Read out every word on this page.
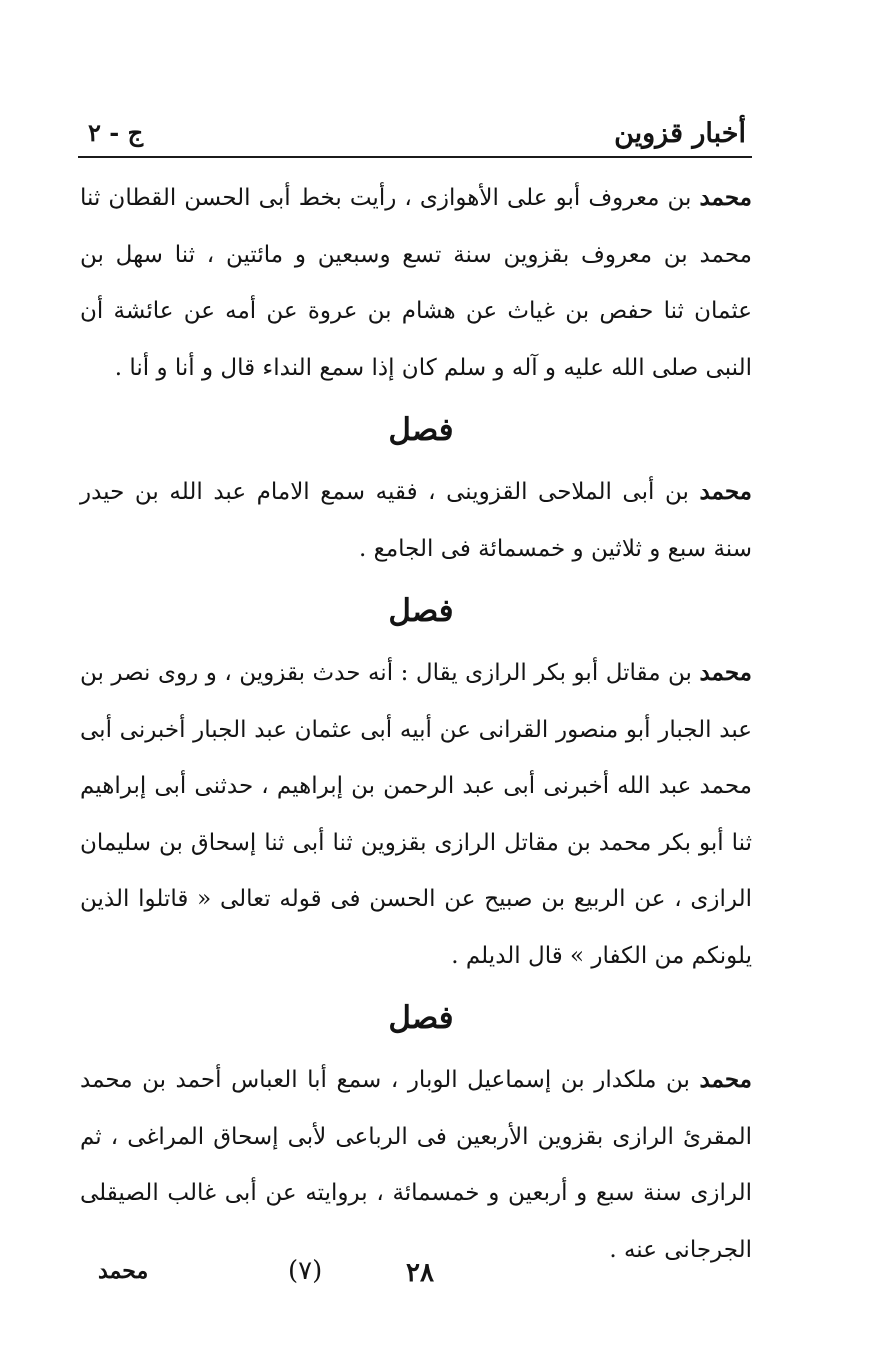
أخبار قزوين
ج - ٢

محمد بن معروف أبو على الأهوازى ، رأيت بخط أبى الحسن القطان ثنا محمد بن معروف بقزوين سنة تسع وسبعين و مائتين ، ثنا سهل بن عثمان ثنا حفص بن غياث عن هشام بن عروة عن أمه عن عائشة أن النبى صلى الله عليه و آله و سلم كان إذا سمع النداء قال و أنا و أنا .

فصل

محمد بن أبى الملاحى القزوينى ، فقيه سمع الامام عبد الله بن حيدر سنة سبع و ثلاثين و خمسمائة فى الجامع .

فصل

محمد بن مقاتل أبو بكر الرازى يقال : أنه حدث بقزوين ، و روى نصر بن عبد الجبار أبو منصور القرانى عن أبيه أبى عثمان عبد الجبار أخبرنى أبى محمد عبد الله أخبرنى أبى عبد الرحمن بن إبراهيم ، حدثنى أبى إبراهيم ثنا أبو بكر محمد بن مقاتل الرازى بقزوين ثنا أبى ثنا إسحاق بن سليمان الرازى ، عن الربيع بن صبيح عن الحسن فى قوله تعالى « قاتلوا الذين يلونكم من الكفار » قال الديلم .

فصل

محمد بن ملكدار بن إسماعيل الوبار ، سمع أبا العباس أحمد بن محمد المقرئ الرازى بقزوين الأربعين فى الرباعى لأبى إسحاق المراغى ، ثم الرازى سنة سبع و أربعين و خمسمائة ، بروايته عن أبى غالب الصيقلى الجرجانى عنه .

٢٨
(٧)
محمد
